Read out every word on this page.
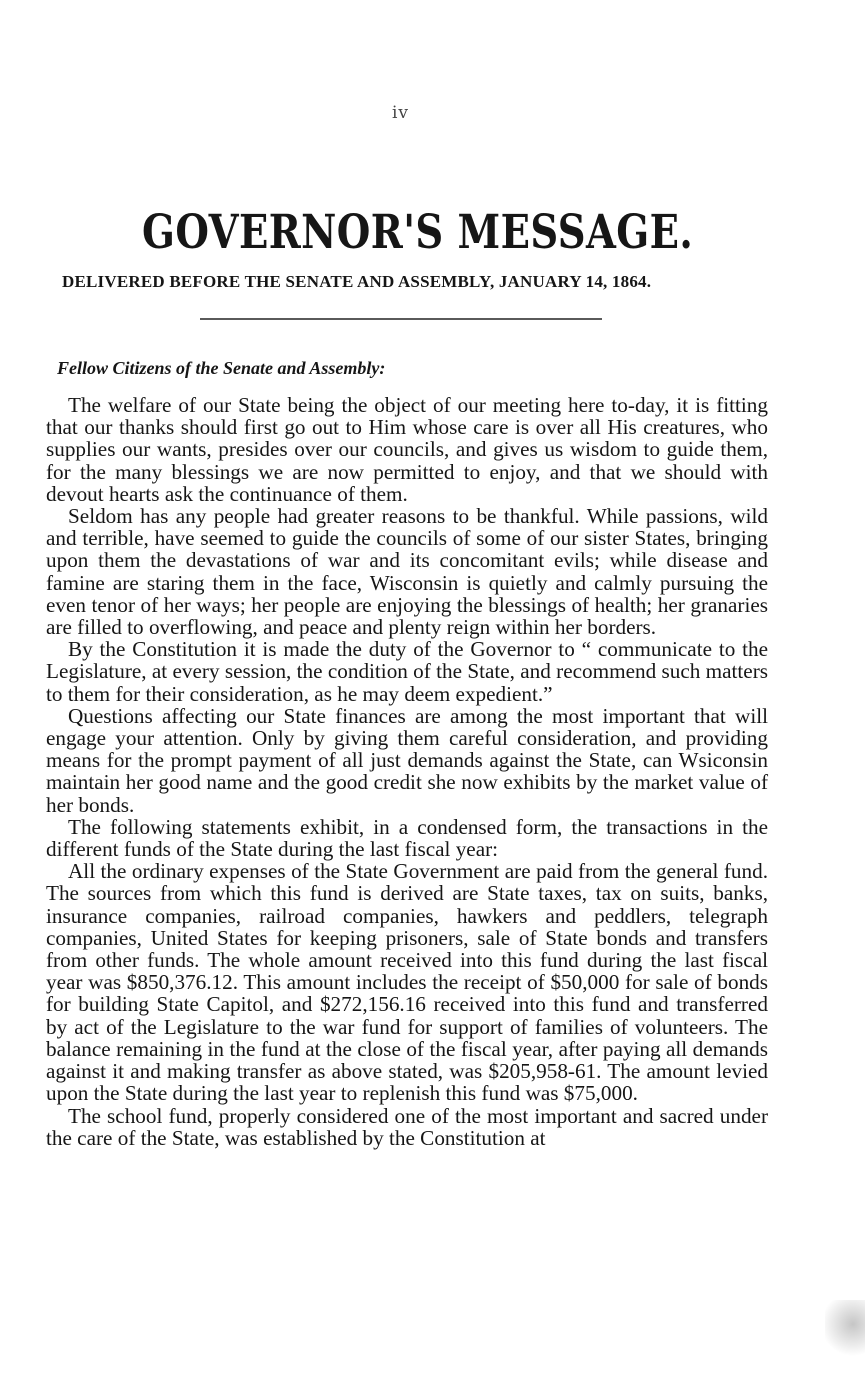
iv
GOVERNOR'S MESSAGE.
DELIVERED BEFORE THE SENATE AND ASSEMBLY, JANUARY 14, 1864.
Fellow Citizens of the Senate and Assembly:

The welfare of our State being the object of our meeting here to-day, it is fitting that our thanks should first go out to Him whose care is over all His creatures, who supplies our wants, presides over our councils, and gives us wisdom to guide them, for the many blessings we are now permitted to enjoy, and that we should with devout hearts ask the continuance of them.

Seldom has any people had greater reasons to be thankful. While passions, wild and terrible, have seemed to guide the councils of some of our sister States, bringing upon them the devastations of war and its concomitant evils; while disease and famine are staring them in the face, Wisconsin is quietly and calmly pursuing the even tenor of her ways; her people are enjoying the blessings of health; her granaries are filled to overflowing, and peace and plenty reign within her borders.

By the Constitution it is made the duty of the Governor to “ communicate to the Legislature, at every session, the condition of the State, and recommend such matters to them for their consideration, as he may deem expedient.”

Questions affecting our State finances are among the most important that will engage your attention. Only by giving them careful consideration, and providing means for the prompt payment of all just demands against the State, can Wsiconsin maintain her good name and the good credit she now exhibits by the market value of her bonds.

The following statements exhibit, in a condensed form, the transactions in the different funds of the State during the last fiscal year:

All the ordinary expenses of the State Government are paid from the general fund. The sources from which this fund is derived are State taxes, tax on suits, banks, insurance companies, railroad companies, hawkers and peddlers, telegraph companies, United States for keeping prisoners, sale of State bonds and transfers from other funds. The whole amount received into this fund during the last fiscal year was $850,376.12. This amount includes the receipt of $50,000 for sale of bonds for building State Capitol, and $272,156.16 received into this fund and transferred by act of the Legislature to the war fund for support of families of volunteers. The balance remaining in the fund at the close of the fiscal year, after paying all demands against it and making transfer as above stated, was $205,958-61. The amount levied upon the State during the last year to replenish this fund was $75,000.

The school fund, properly considered one of the most important and sacred under the care of the State, was established by the Constitution at
